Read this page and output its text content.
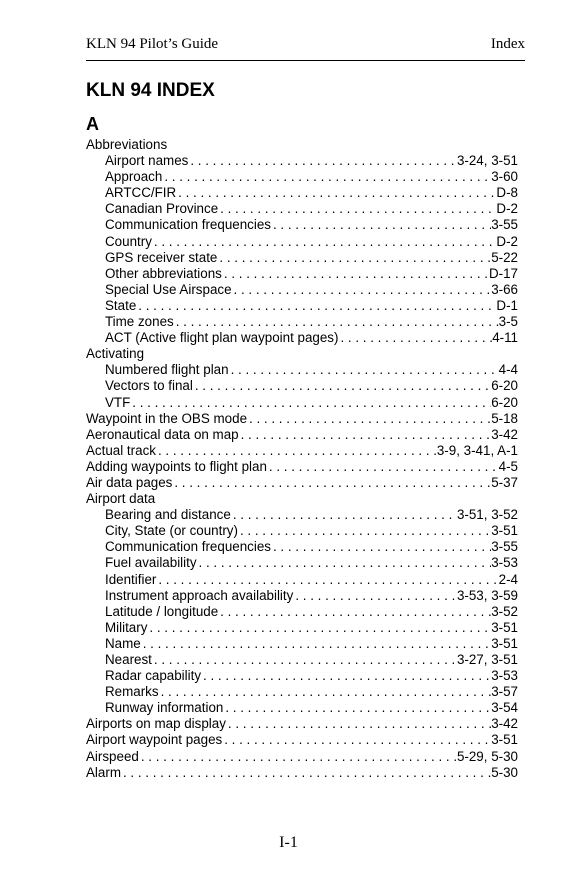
KLN 94 Pilot’s Guide	Index
KLN 94 INDEX
A
Abbreviations
Airport names . . .	3-24, 3-51
Approach . . .	3-60
ARTCC/FIR . . .	D-8
Canadian Province . . .	D-2
Communication frequencies . . .	3-55
Country . . .	D-2
GPS receiver state . . .	5-22
Other abbreviations . . .	D-17
Special Use Airspace . . .	3-66
State . . .	D-1
Time zones . . .	3-5
ACT (Active flight plan waypoint pages) . . .	4-11
Activating
Numbered flight plan . . .	4-4
Vectors to final . . .	6-20
VTF . . .	6-20
Waypoint in the OBS mode . . .	5-18
Aeronautical data on map . . .	3-42
Actual track . . .	3-9, 3-41, A-1
Adding waypoints to flight plan . . .	4-5
Air data pages . . .	5-37
Airport data
Bearing and distance . . .	3-51, 3-52
City, State (or country) . . .	3-51
Communication frequencies . . .	3-55
Fuel availability . . .	3-53
Identifier . . .	2-4
Instrument approach availability . . .	3-53, 3-59
Latitude / longitude . . .	3-52
Military . . .	3-51
Name . . .	3-51
Nearest . . .	3-27, 3-51
Radar capability . . .	3-53
Remarks . . .	3-57
Runway information . . .	3-54
Airports on map display . . .	3-42
Airport waypoint pages . . .	3-51
Airspeed . . .	5-29, 5-30
Alarm . . .	5-30
I-1
